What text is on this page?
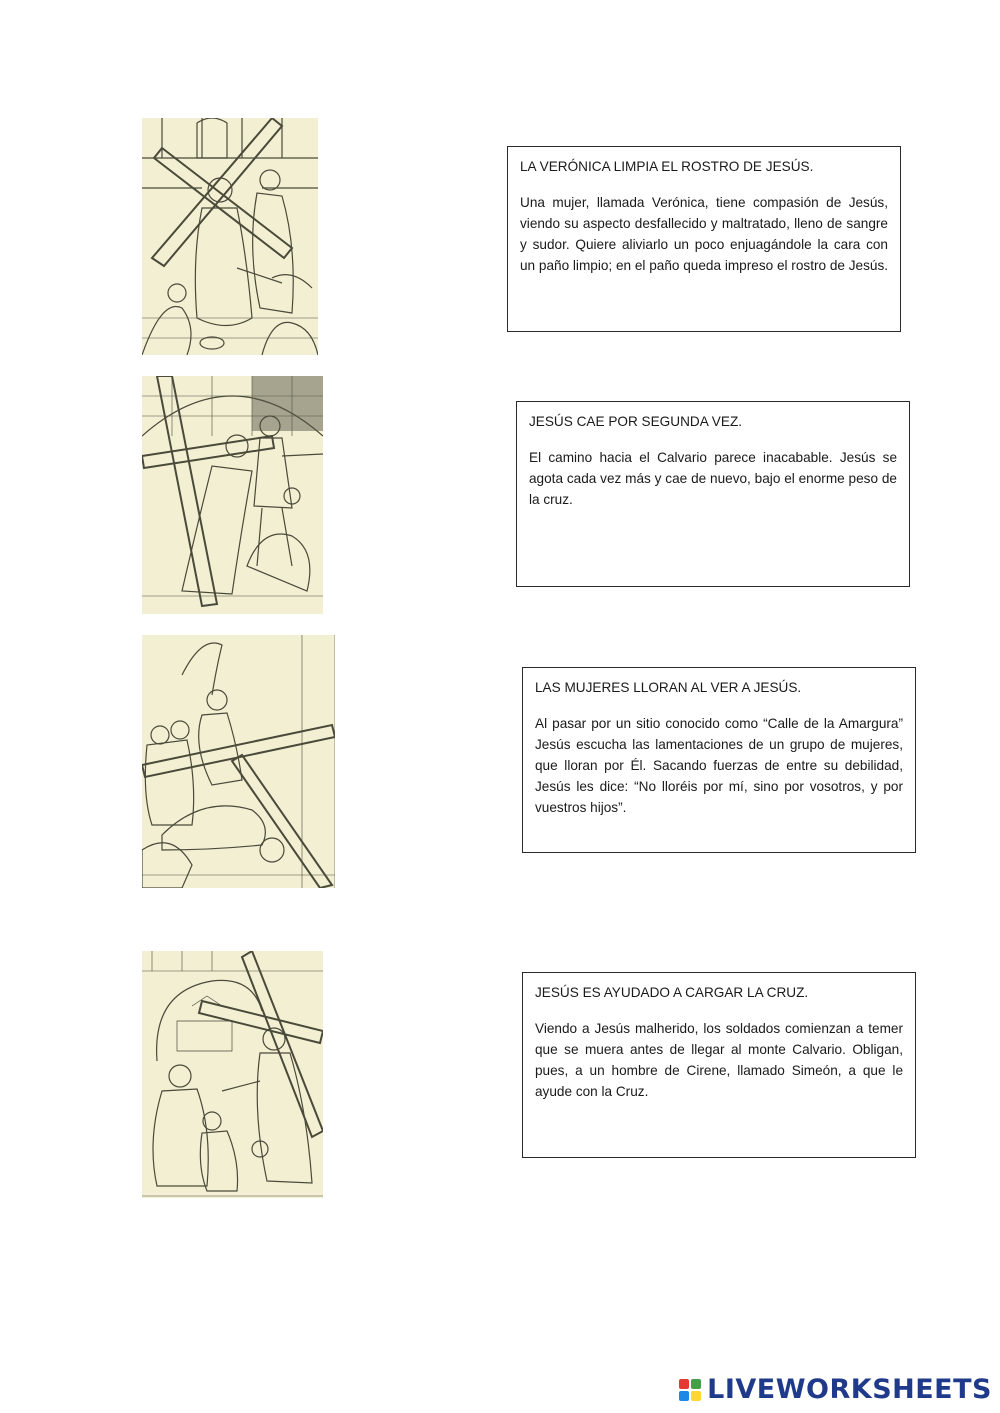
LA VERÓNICA LIMPIA EL ROSTRO DE JESÚS.

Una mujer, llamada Verónica, tiene compasión de Jesús, viendo su aspecto desfallecido y maltratado, lleno de sangre y sudor. Quiere aliviarlo un poco enjuagándole la cara con un paño limpio; en el paño queda impreso el rostro de Jesús.

JESÚS CAE POR SEGUNDA VEZ.

El camino hacia el Calvario parece inacabable. Jesús se agota cada vez más y cae de nuevo, bajo el enorme peso de la cruz.

LAS MUJERES LLORAN AL VER A JESÚS.

Al pasar por un sitio conocido como “Calle de la Amargura” Jesús escucha las lamentaciones de un grupo de mujeres, que lloran por Él. Sacando fuerzas de entre su debilidad, Jesús les dice: “No lloréis por mí, sino por vosotros, y por vuestros hijos”.

JESÚS ES AYUDADO A CARGAR LA CRUZ.

Viendo a Jesús malherido, los soldados comienzan a temer que se muera antes de llegar al monte Calvario. Obligan, pues, a un hombre de Cirene, llamado Simeón, a que le ayude con la Cruz.

LIVEWORKSHEETS
